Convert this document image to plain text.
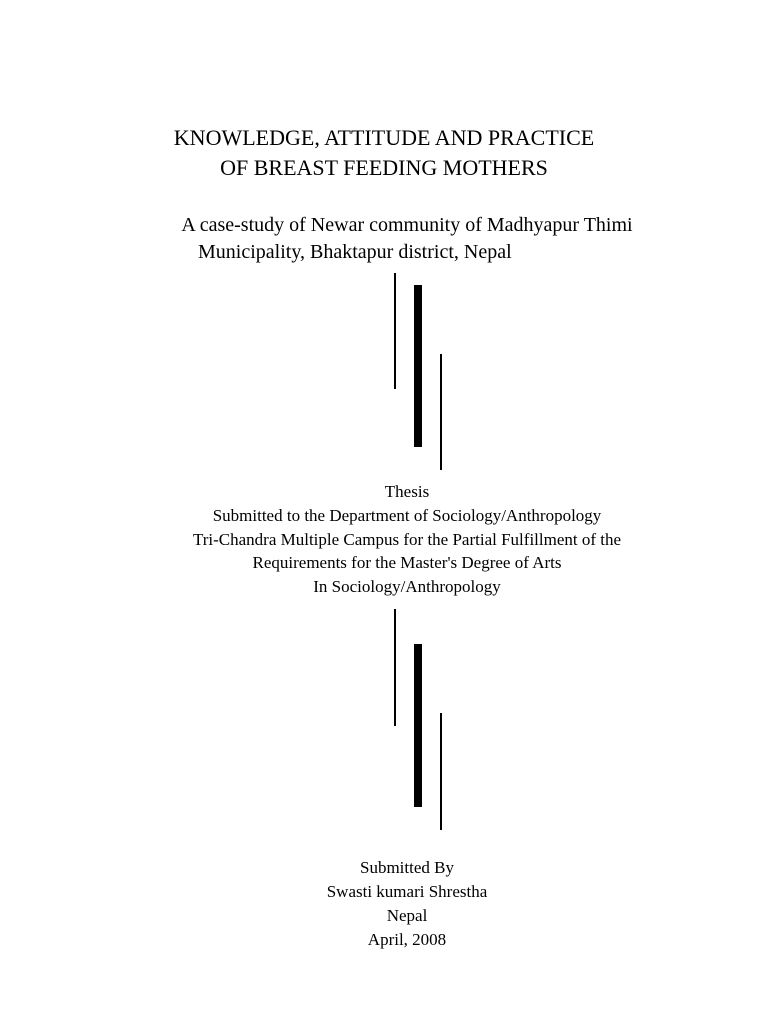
KNOWLEDGE, ATTITUDE AND PRACTICE
OF BREAST FEEDING MOTHERS
A case-study of Newar community of Madhyapur Thimi
Municipality, Bhaktapur district, Nepal
Thesis
Submitted to the Department of Sociology/Anthropology
Tri-Chandra Multiple Campus for the Partial Fulfillment of the
Requirements for the Master's Degree of Arts
In Sociology/Anthropology
Submitted By
Swasti kumari Shrestha
Nepal
April, 2008
